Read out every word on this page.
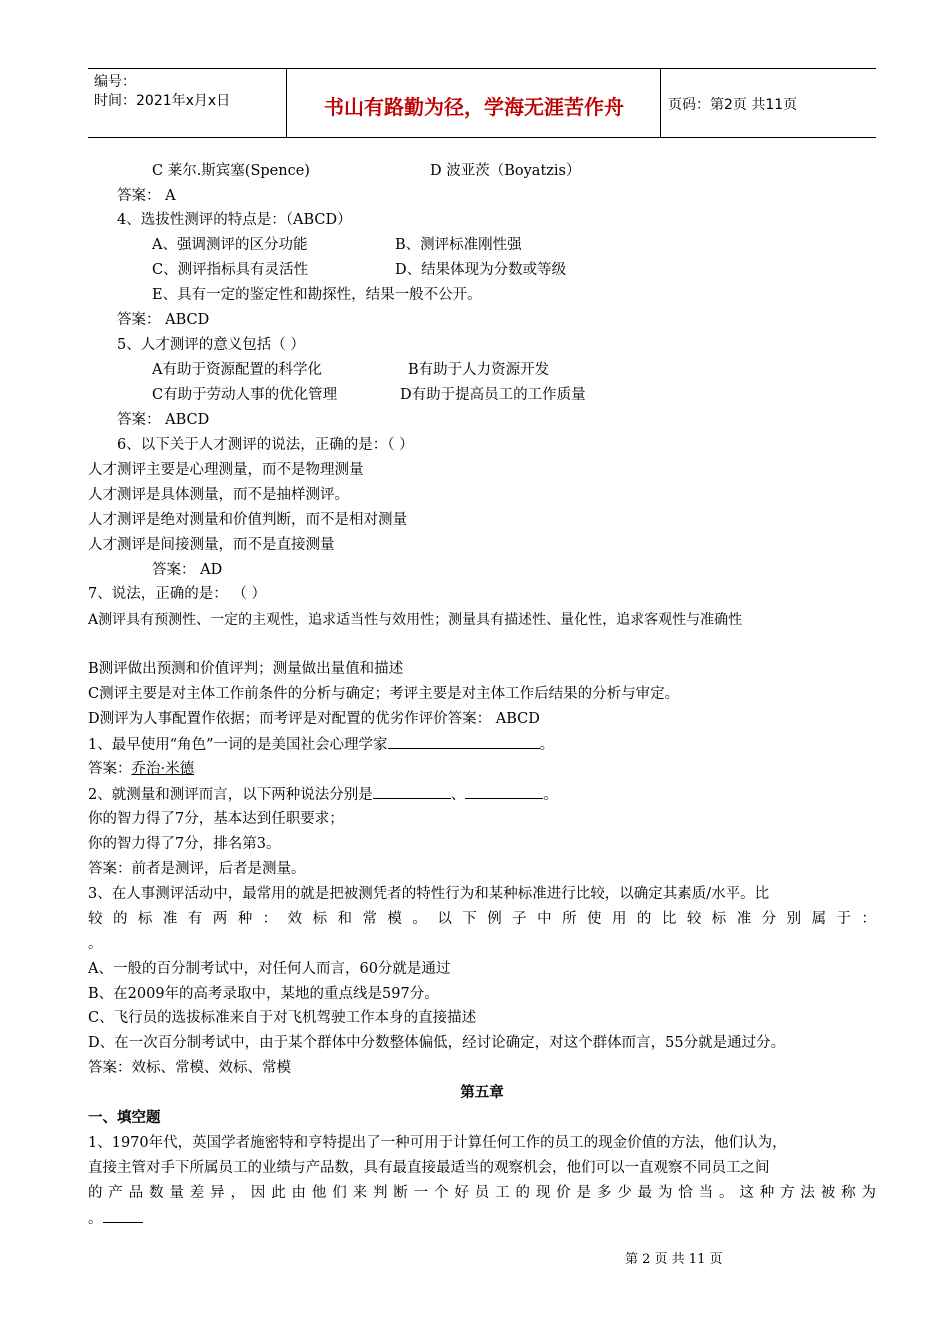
编号：
时间：2021年x月x日	书山有路勤为径，学海无涯苦作舟	页码：第2页 共11页
C 莱尔.斯宾塞(Spence)	D 波亚茨（Boyatzis）
答案： A
4、选拔性测评的特点是：（ABCD）
A、强调测评的区分功能	B、测评标准刚性强
C、测评指标具有灵活性	D、结果体现为分数或等级
E、具有一定的鉴定性和勘探性，结果一般不公开。
答案： ABCD
5、人才测评的意义包括（ ）
A有助于资源配置的科学化	B有助于人力资源开发
C有助于劳动人事的优化管理	D有助于提高员工的工作质量
答案： ABCD
6、以下关于人才测评的说法，正确的是：（ ）
人才测评主要是心理测量，而不是物理测量
人才测评是具体测量，而不是抽样测评。
人才测评是绝对测量和价值判断，而不是相对测量
人才测评是间接测量，而不是直接测量
答案： AD
7、说法，正确的是： （ ）
A测评具有预测性、一定的主观性，追求适当性与效用性；测量具有描述性、量化性，追求客观性与准确性
B测评做出预测和价值评判；测量做出量值和描述
C测评主要是对主体工作前条件的分析与确定；考评主要是对主体工作后结果的分析与审定。
D测评为人事配置作依据；而考评是对配置的优劣作评价答案： ABCD
1、最早使用“角色”一词的是美国社会心理学家	。
答案：乔治·米德
2、就测量和测评而言，以下两种说法分别是	、	。
你的智力得了7分，基本达到任职要求；
你的智力得了7分，排名第3。
答案：前者是测评，后者是测量。
3、在人事测评活动中，最常用的就是把被测凭者的特性行为和某种标准进行比较，以确定其素质/水平。比
较的标准有两种：效标和常模。以下例子中所使用的比较标准分别属于：
。
A、一般的百分制考试中，对任何人而言，60分就是通过
B、在2009年的高考录取中，某地的重点线是597分。
C、飞行员的选拔标准来自于对飞机驾驶工作本身的直接描述
D、在一次百分制考试中，由于某个群体中分数整体偏低，经讨论确定，对这个群体而言，55分就是通过分。
答案：效标、常模、效标、常模
第五章
一、填空题
1、1970年代，英国学者施密特和亨特提出了一种可用于计算任何工作的员工的现金价值的方法，他们认为，
直接主管对手下所属员工的业绩与产品数，具有最直接最适当的观察机会，他们可以一直观察不同员工之间
的产品数量差异，因此由他们来判断一个好员工的现价是多少最为恰当。这种方法被称为
。
第 2 页 共 11 页
